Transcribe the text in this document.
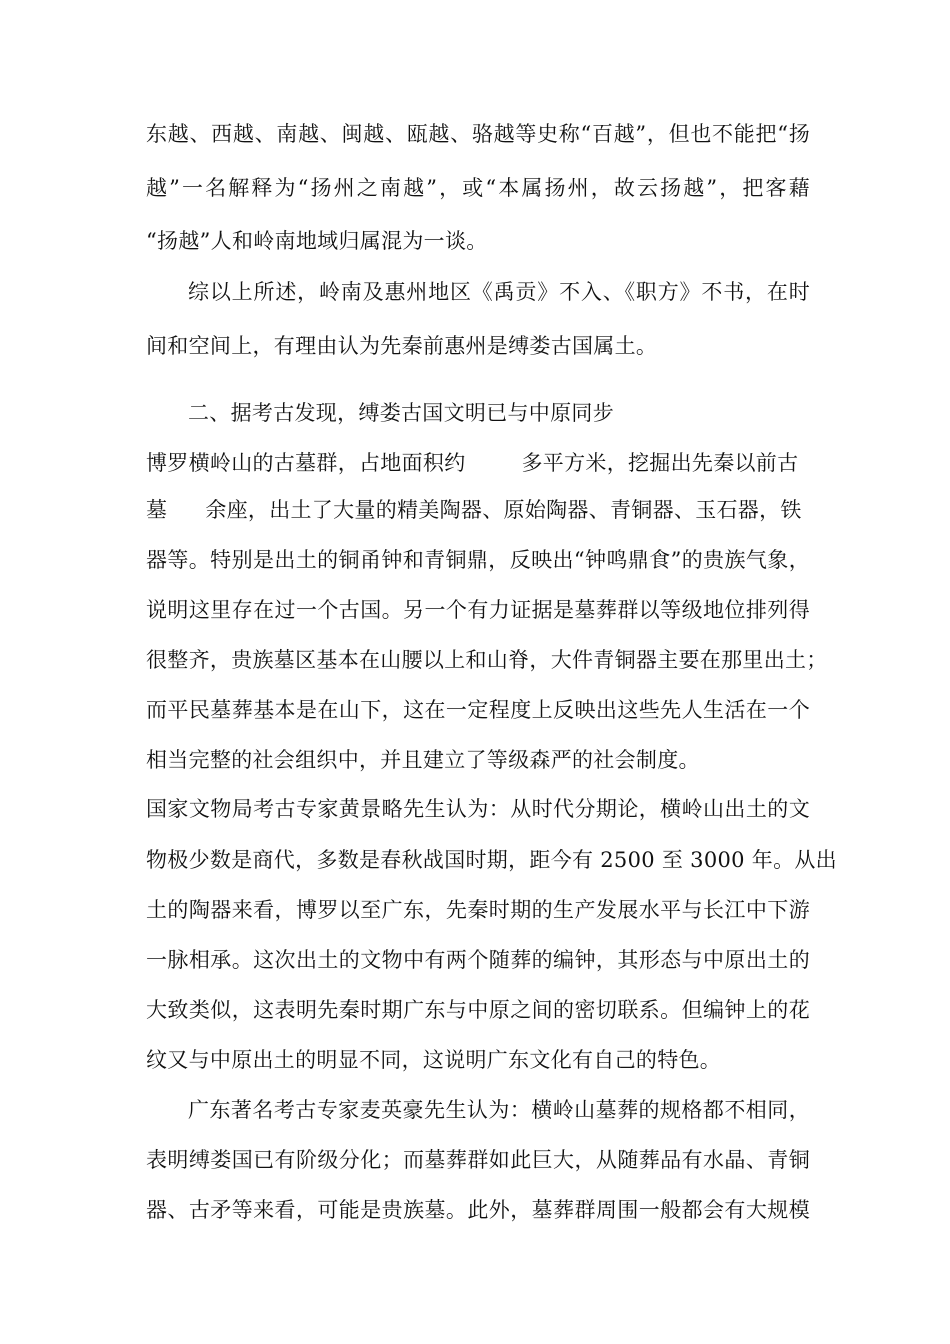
东越、西越、南越、闽越、瓯越、骆越等史称“百越”，但也不能把“扬
越”一名解释为“扬州之南越”，或“本属扬州，故云扬越”，把客藉
“扬越”人和岭南地域归属混为一谈。
综以上所述，岭南及惠州地区《禹贡》不入、《职方》不书，在时
间和空间上，有理由认为先秦前惠州是缚娄古国属土。
二、据考古发现，缚娄古国文明已与中原同步
博罗横岭山的古墓群，占地面积约	多平方米，挖掘出先秦以前古
墓 余座，出土了大量的精美陶器、原始陶器、青铜器、玉石器，铁
器等。特别是出土的铜甬钟和青铜鼎，反映出“钟鸣鼎食”的贵族气象，
说明这里存在过一个古国。另一个有力证据是墓葬群以等级地位排列得
很整齐，贵族墓区基本在山腰以上和山脊，大件青铜器主要在那里出土；
而平民墓葬基本是在山下，这在一定程度上反映出这些先人生活在一个
相当完整的社会组织中，并且建立了等级森严的社会制度。
国家文物局考古专家黄景略先生认为：从时代分期论，横岭山出土的文
物极少数是商代，多数是春秋战国时期，距今有 2500 至 3000 年。从出
土的陶器来看，博罗以至广东，先秦时期的生产发展水平与长江中下游
一脉相承。这次出土的文物中有两个随葬的编钟，其形态与中原出土的
大致类似，这表明先秦时期广东与中原之间的密切联系。但编钟上的花
纹又与中原出土的明显不同，这说明广东文化有自己的特色。
广东著名考古专家麦英豪先生认为：横岭山墓葬的规格都不相同，
表明缚娄国已有阶级分化；而墓葬群如此巨大，从随葬品有水晶、青铜
器、古矛等来看，可能是贵族墓。此外，墓葬群周围一般都会有大规模
